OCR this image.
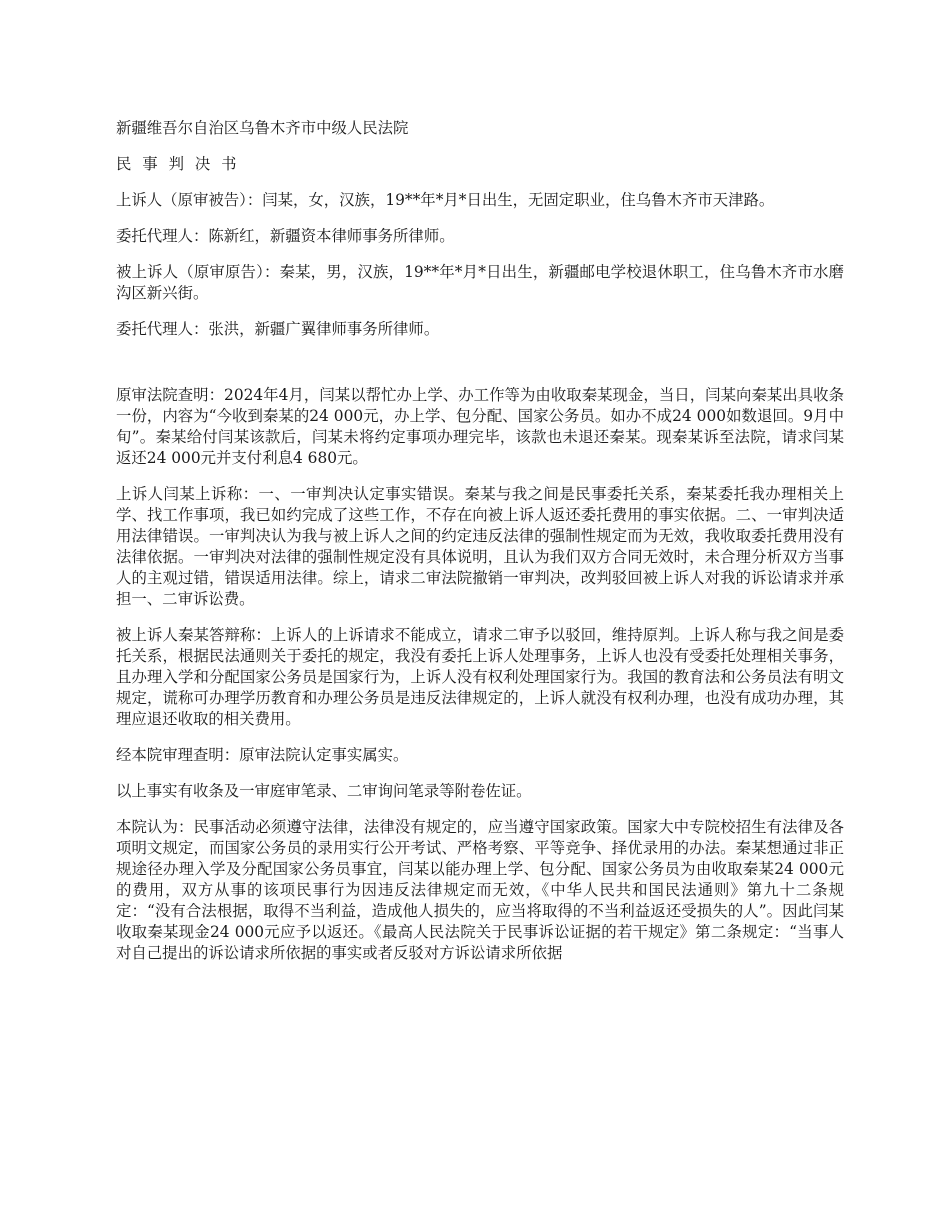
新疆维吾尔自治区乌鲁木齐市中级人民法院

民 事 判 决 书

上诉人（原审被告）：闫某，女，汉族，19**年*月*日出生，无固定职业，住乌鲁木齐市天津路。

委托代理人：陈新红，新疆资本律师事务所律师。

被上诉人（原审原告）：秦某，男，汉族，19**年*月*日出生，新疆邮电学校退休职工，住乌鲁木齐市水磨沟区新兴街。

委托代理人：张洪，新疆广翼律师事务所律师。

原审法院查明：2024年4月，闫某以帮忙办上学、办工作等为由收取秦某现金，当日，闫某向秦某出具收条一份，内容为“今收到秦某的24 000元，办上学、包分配、国家公务员。如办不成24 000如数退回。9月中旬”。秦某给付闫某该款后，闫某未将约定事项办理完毕，该款也未退还秦某。现秦某诉至法院，请求闫某返还24 000元并支付利息4 680元。

上诉人闫某上诉称：一、一审判决认定事实错误。秦某与我之间是民事委托关系，秦某委托我办理相关上学、找工作事项，我已如约完成了这些工作，不存在向被上诉人返还委托费用的事实依据。二、一审判决适用法律错误。一审判决认为我与被上诉人之间的约定违反法律的强制性规定而为无效，我收取委托费用没有法律依据。一审判决对法律的强制性规定没有具体说明，且认为我们双方合同无效时，未合理分析双方当事人的主观过错，错误适用法律。综上，请求二审法院撤销一审判决，改判驳回被上诉人对我的诉讼请求并承担一、二审诉讼费。

被上诉人秦某答辩称：上诉人的上诉请求不能成立，请求二审予以驳回，维持原判。上诉人称与我之间是委托关系，根据民法通则关于委托的规定，我没有委托上诉人处理事务，上诉人也没有受委托处理相关事务，且办理入学和分配国家公务员是国家行为，上诉人没有权利处理国家行为。我国的教育法和公务员法有明文规定，谎称可办理学历教育和办理公务员是违反法律规定的，上诉人就没有权利办理，也没有成功办理，其理应退还收取的相关费用。

经本院审理查明：原审法院认定事实属实。

以上事实有收条及一审庭审笔录、二审询问笔录等附卷佐证。

本院认为：民事活动必须遵守法律，法律没有规定的，应当遵守国家政策。国家大中专院校招生有法律及各项明文规定，而国家公务员的录用实行公开考试、严格考察、平等竞争、择优录用的办法。秦某想通过非正规途径办理入学及分配国家公务员事宜，闫某以能办理上学、包分配、国家公务员为由收取秦某24 000元的费用，双方从事的该项民事行为因违反法律规定而无效，《中华人民共和国民法通则》第九十二条规定：“没有合法根据，取得不当利益，造成他人损失的，应当将取得的不当利益返还受损失的人”。因此闫某收取秦某现金24 000元应予以返还。《最高人民法院关于民事诉讼证据的若干规定》第二条规定：“当事人对自己提出的诉讼请求所依据的事实或者反驳对方诉讼请求所依据
